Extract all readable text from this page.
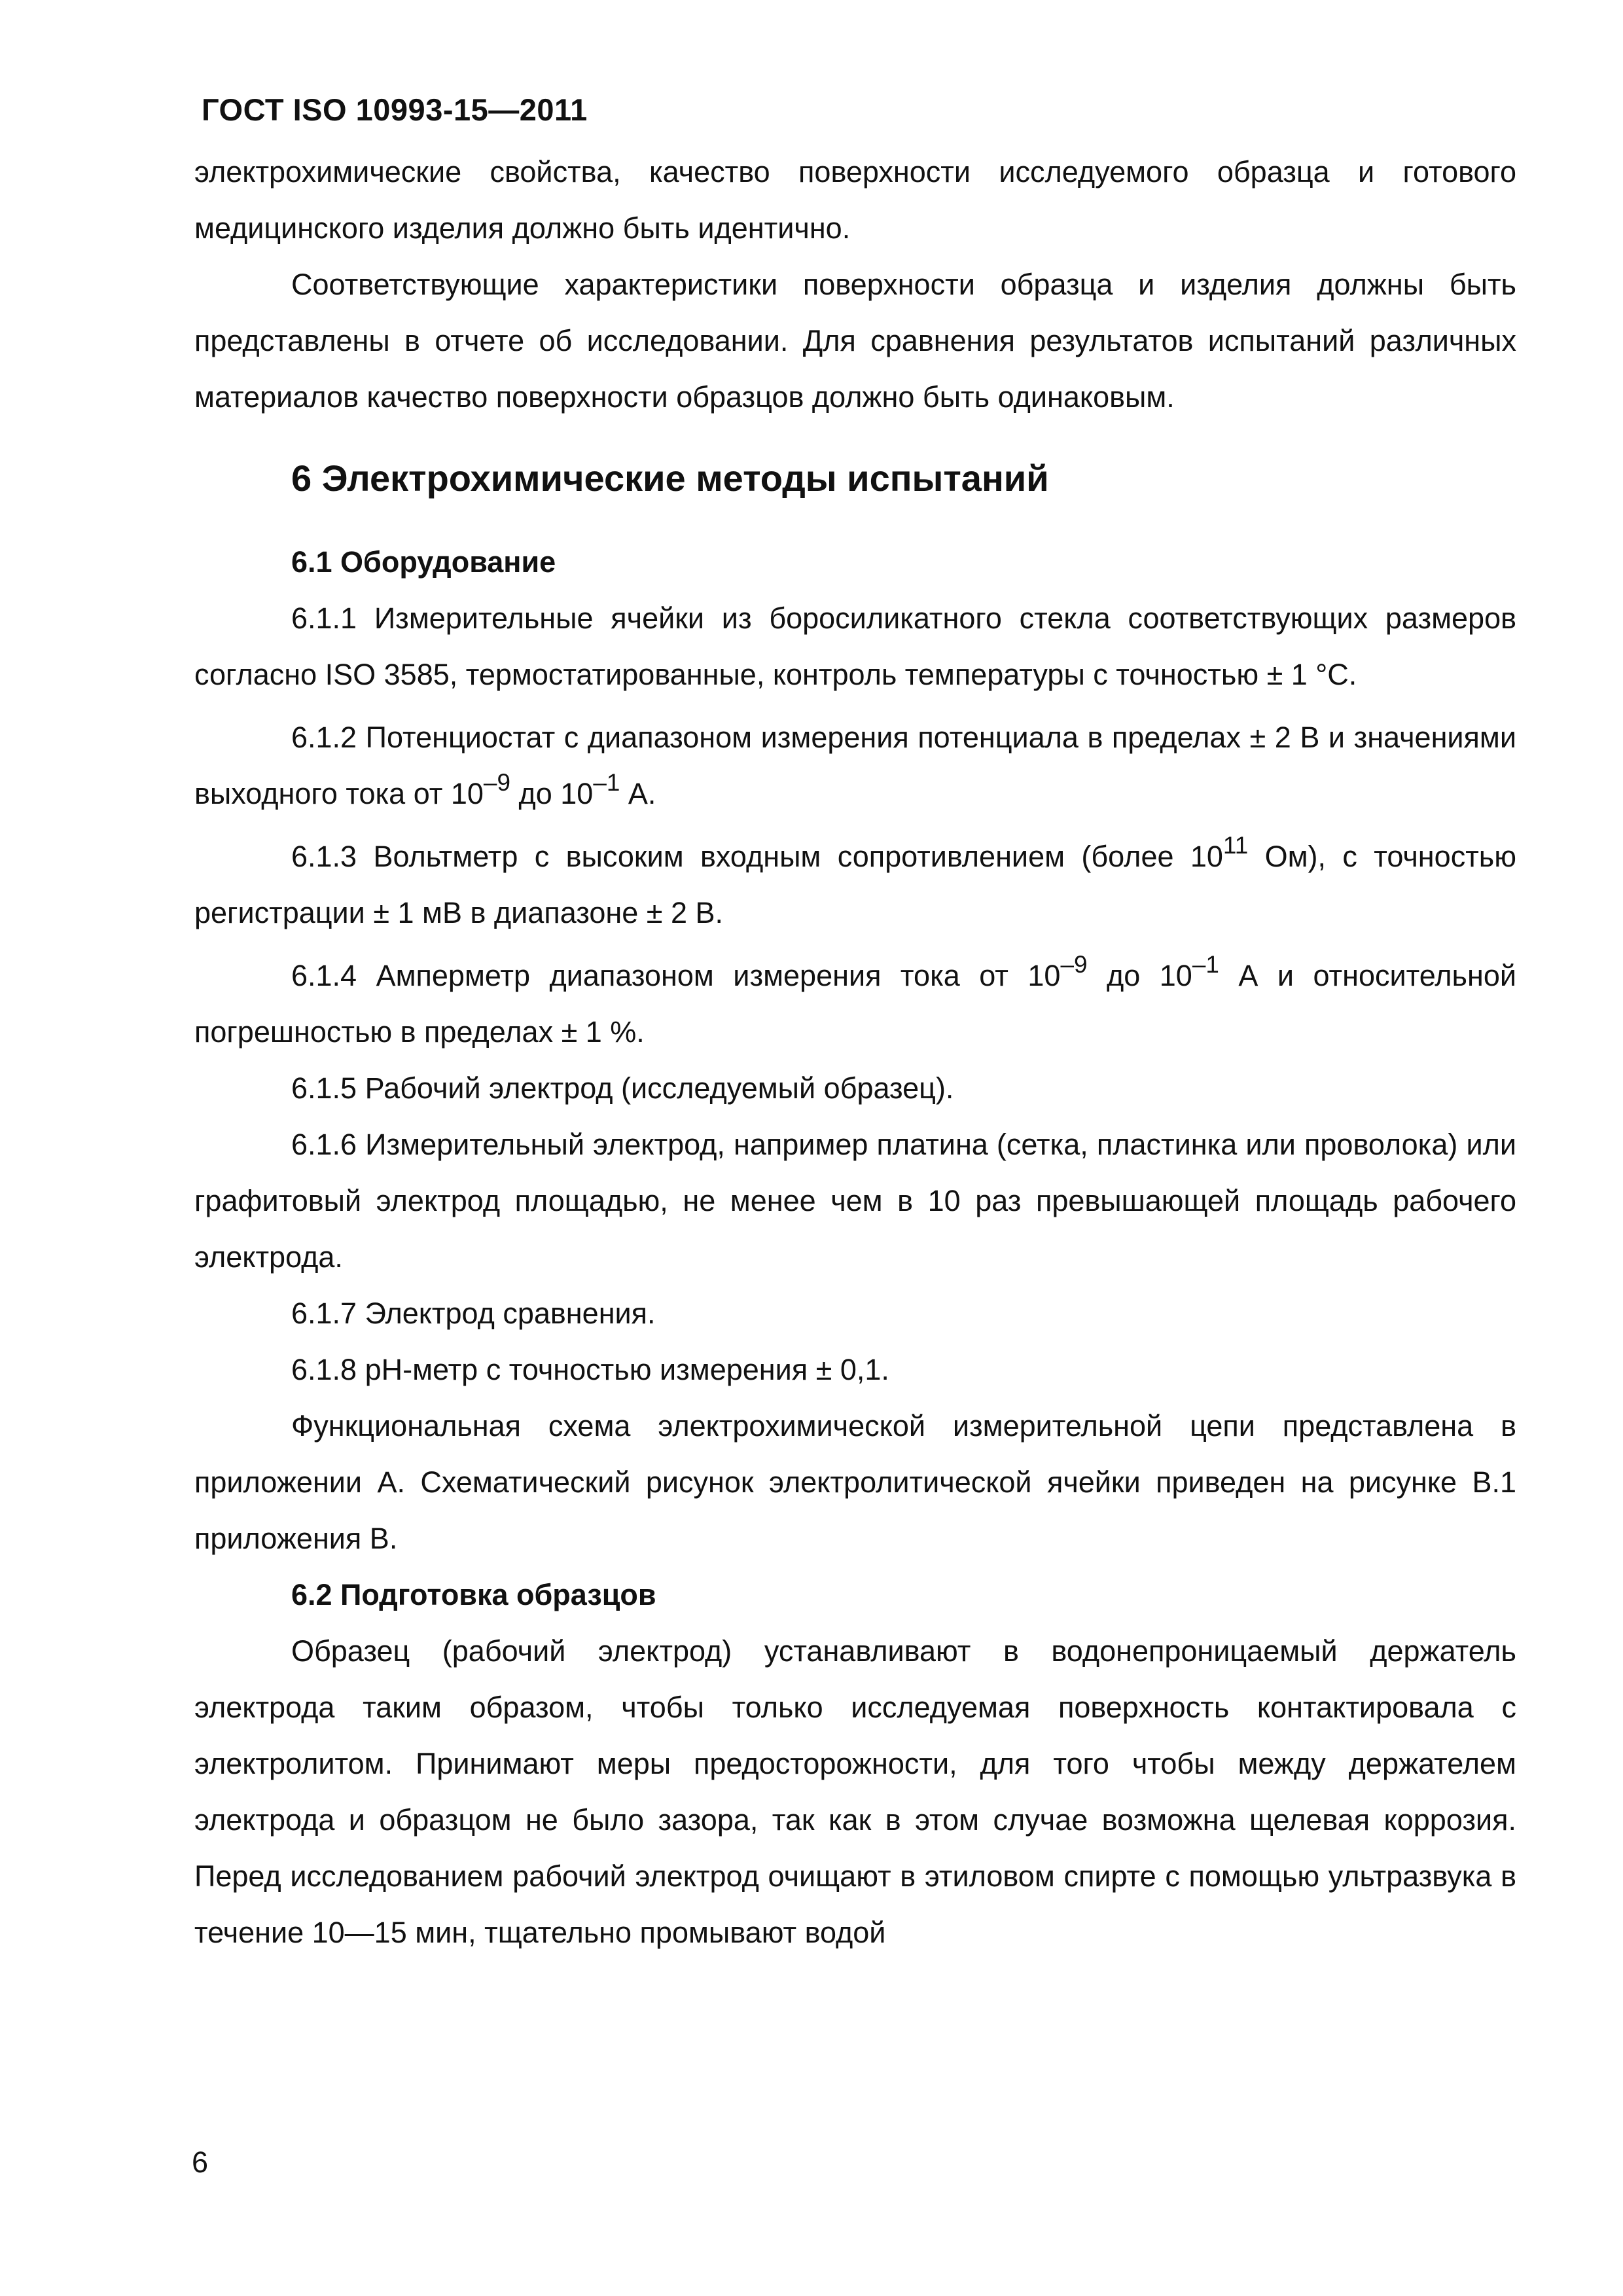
ГОСТ ISO 10993-15—2011

электрохимические свойства, качество поверхности исследуемого образца и готового медицинского изделия должно быть идентично.

Соответствующие характеристики поверхности образца и изделия должны быть представлены в отчете об исследовании. Для сравнения результатов испытаний различных материалов качество поверхности образцов должно быть одинаковым.

6 Электрохимические методы испытаний
6.1 Оборудование

6.1.1 Измерительные ячейки из боросиликатного стекла соответствующих размеров согласно ISO 3585, термостатированные, контроль температуры с точностью ± 1 °С.

6.1.2 Потенциостат с диапазоном измерения потенциала в пределах ± 2 В и значениями выходного тока от $10^{-9}$ до $10^{-1}$ А.

6.1.3 Вольтметр с высоким входным сопротивлением (более $10^{11}$ Ом), с точностью регистрации ± 1 мВ в диапазоне ± 2 В.

6.1.4 Амперметр диапазоном измерения тока от $10^{-9}$ до $10^{-1}$ А и относительной погрешностью в пределах ± 1 %.

6.1.5 Рабочий электрод (исследуемый образец).

6.1.6 Измерительный электрод, например платина (сетка, пластинка или проволока) или графитовый электрод площадью, не менее чем в 10 раз превышающей площадь рабочего электрода.

6.1.7 Электрод сравнения.

6.1.8 pH-метр с точностью измерения ± 0,1.

Функциональная схема электрохимической измерительной цепи представлена в приложении А. Схематический рисунок электролитической ячейки приведен на рисунке В.1 приложения В.

6.2 Подготовка образцов

Образец (рабочий электрод) устанавливают в водонепроницаемый держатель электрода таким образом, чтобы только исследуемая поверхность контактировала с электролитом. Принимают меры предосторожности, для того чтобы между держателем электрода и образцом не было зазора, так как в этом случае возможна щелевая коррозия. Перед исследованием рабочий электрод очищают в этиловом спирте с помощью ультразвука в течение 10—15 мин, тщательно промывают водой

6
